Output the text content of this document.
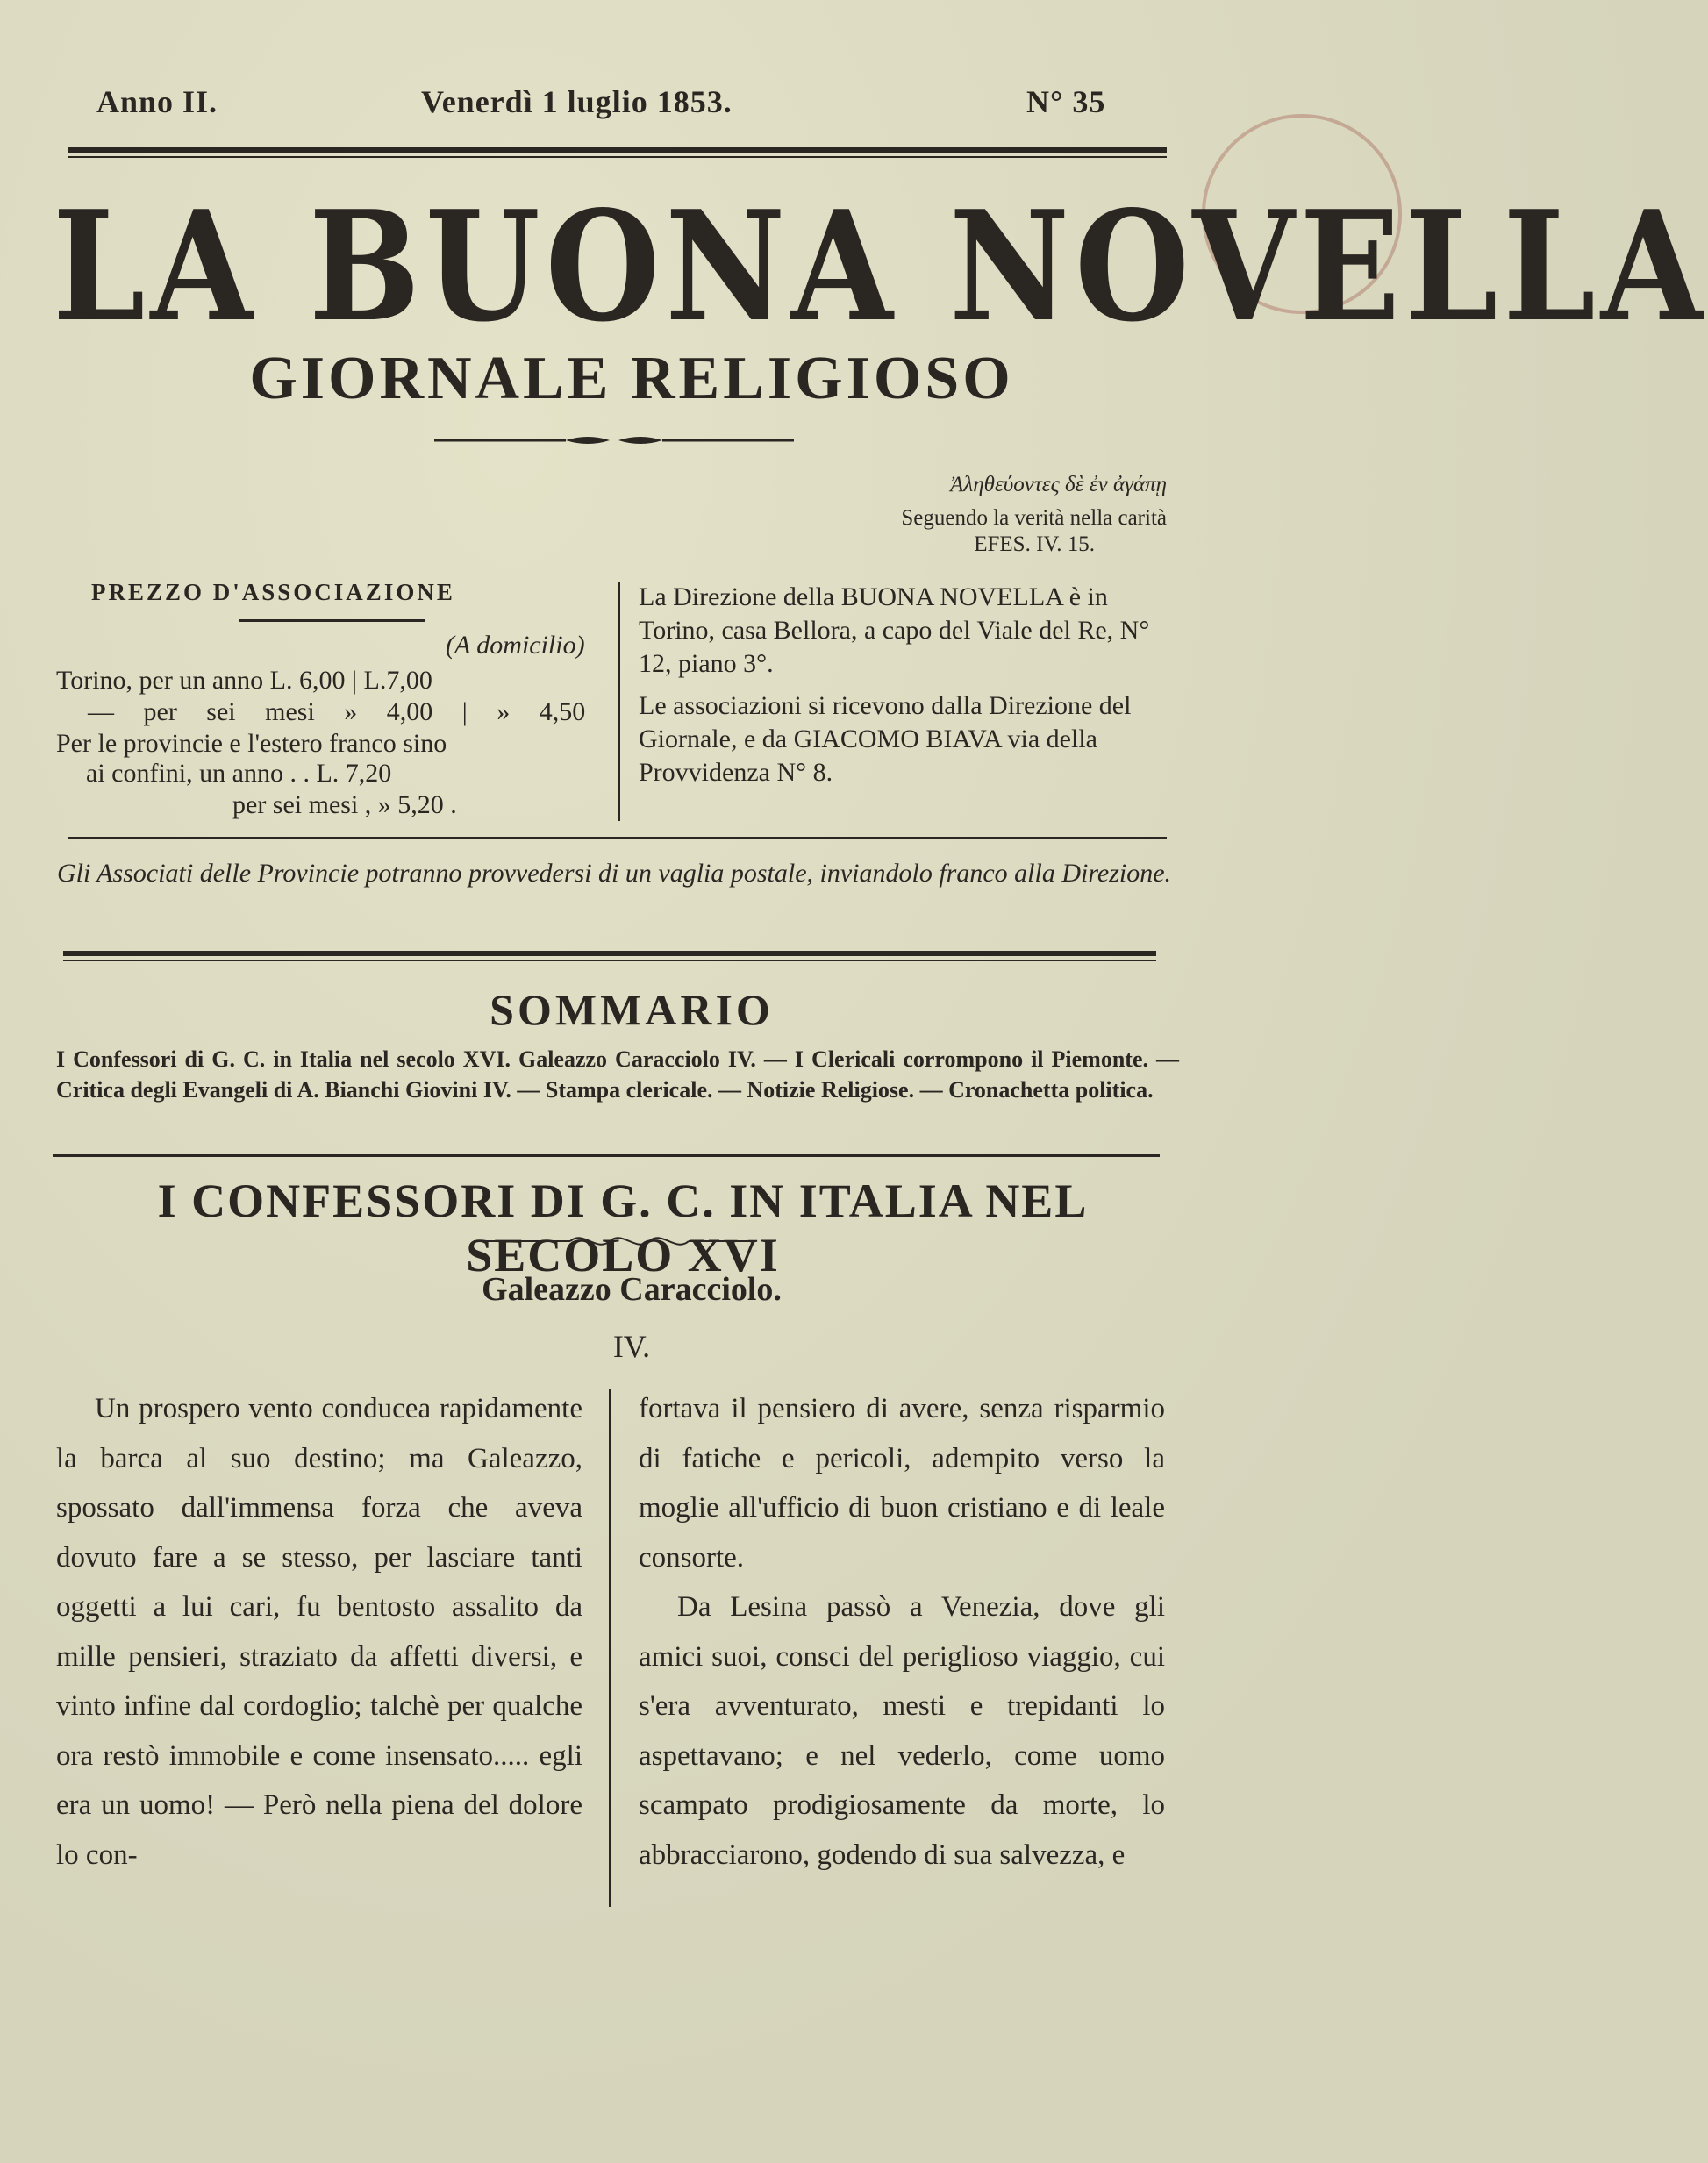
Anno II.	Venerdì 1 luglio 1853.	N° 35
LA BUONA NOVELLA
GIORNALE RELIGIOSO
Ἀληθεύοντες δὲ ἐν ἀγάπῃ
Seguendo la verità nella carità
EFES. IV. 15.
PREZZO D'ASSOCIAZIONE
(A domicilio)
Torino, per un anno L. 6,00 | L.7,00
— per sei mesi » 4,00 | » 4,50
Per le provincie e l'estero franco sino
ai confini, un anno . . L. 7,20
per sei mesi , » 5,20 .

La Direzione della BUONA NOVELLA è in Torino, casa Bellora, a capo del Viale del Re, N° 12, piano 3°.

Le associazioni si ricevono dalla Direzione del Giornale, e da GIACOMO BIAVA via della Provvidenza N° 8.

Gli Associati delle Provincie potranno provvedersi di un vaglia postale, inviandolo franco alla Direzione.
SOMMARIO
I Confessori di G. C. in Italia nel secolo XVI. Galeazzo Caracciolo IV. — I Clericali corrompono il Piemonte. — Critica degli Evangeli di A. Bianchi Giovini IV. — Stampa clericale. — Notizie Religiose. — Cronachetta politica.
I CONFESSORI DI G. C. IN ITALIA NEL SECOLO XVI
Galeazzo Caracciolo.
IV.

Un prospero vento conducea rapidamente la barca al suo destino; ma Galeazzo, spossato dall'immensa forza che aveva dovuto fare a se stesso, per lasciare tanti oggetti a lui cari, fu bentosto assalito da mille pensieri, straziato da affetti diversi, e vinto infine dal cordoglio; talchè per qualche ora restò immobile e come insensato..... egli era un uomo! — Però nella piena del dolore lo con-

fortava il pensiero di avere, senza risparmio di fatiche e pericoli, adempito verso la moglie all'ufficio di buon cristiano e di leale consorte.

Da Lesina passò a Venezia, dove gli amici suoi, consci del periglioso viaggio, cui s'era avventurato, mesti e trepidanti lo aspettavano; e nel vederlo, come uomo scampato prodigiosamente da morte, lo abbracciarono, godendo di sua salvezza, e
